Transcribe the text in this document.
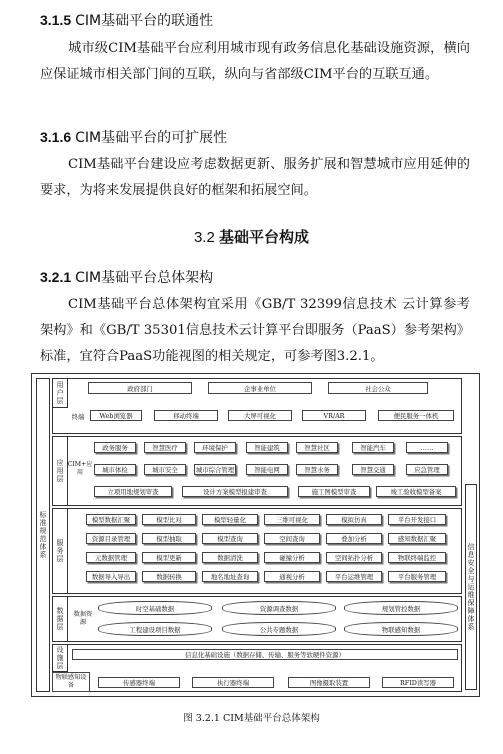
3.1.5 CIM基础平台的联通性
城市级CIM基础平台应利用城市现有政务信息化基础设施资源，横向应保证城市相关部门间的互联，纵向与省部级CIM平台的互联互通。
3.1.6 CIM基础平台的可扩展性
CIM基础平台建设应考虑数据更新、服务扩展和智慧城市应用延伸的要求，为将来发展提供良好的框架和拓展空间。
3.2 基础平台构成
3.2.1 CIM基础平台总体架构
CIM基础平台总体架构宜采用《GB/T 32399信息技术 云计算参考架构》和《GB/T 35301信息技术云计算平台即服务（PaaS）参考架构》标准，宜符合PaaS功能视图的相关规定，可参考图3.2.1。
标准规范体系
信息安全与运维保障体系
用户层	政府部门	企事业单位	社会公众
终端	Web浏览器	移动终端	大屏可视化	VR/AR	便民服务一体机
应用层 CIM+应用
服务层
数据层	数据资源
设施层	信息化基础设施（数据存储、传输、服务等软硬件资源）
物联感知设备
政务服务	智慧医疗	环境保护	智能建筑	智慧社区	智能汽车	……
城市体检	城市安全	城市综合管理	智能电网	智慧水务	智慧交通	应急管理
立项用地规划审查	设计方案模型报建审查	施工图模型审查	竣工验收模型备案
模型数据汇聚
资源目录管理
元数据管理
数据导入导出
模型比对
模型抽取
模型更新
数据转换
模型轻量化
模型查询
数据清洗
地名地址查询
三维可视化
空间查询
碰撞分析
通视分析
模拟仿真
叠加分析
空间拓扑分析
平台运维管理
平台开发接口
感知数据汇聚
物联终端监控
平台服务管理
时空基础数据	资源调查数据	规划管控数据
工程建设项目数据	公共专题数据	物联感知数据
传感器终端	执行器终端	图像摄取装置	RFID读写器
图 3.2.1 CIM基础平台总体架构
